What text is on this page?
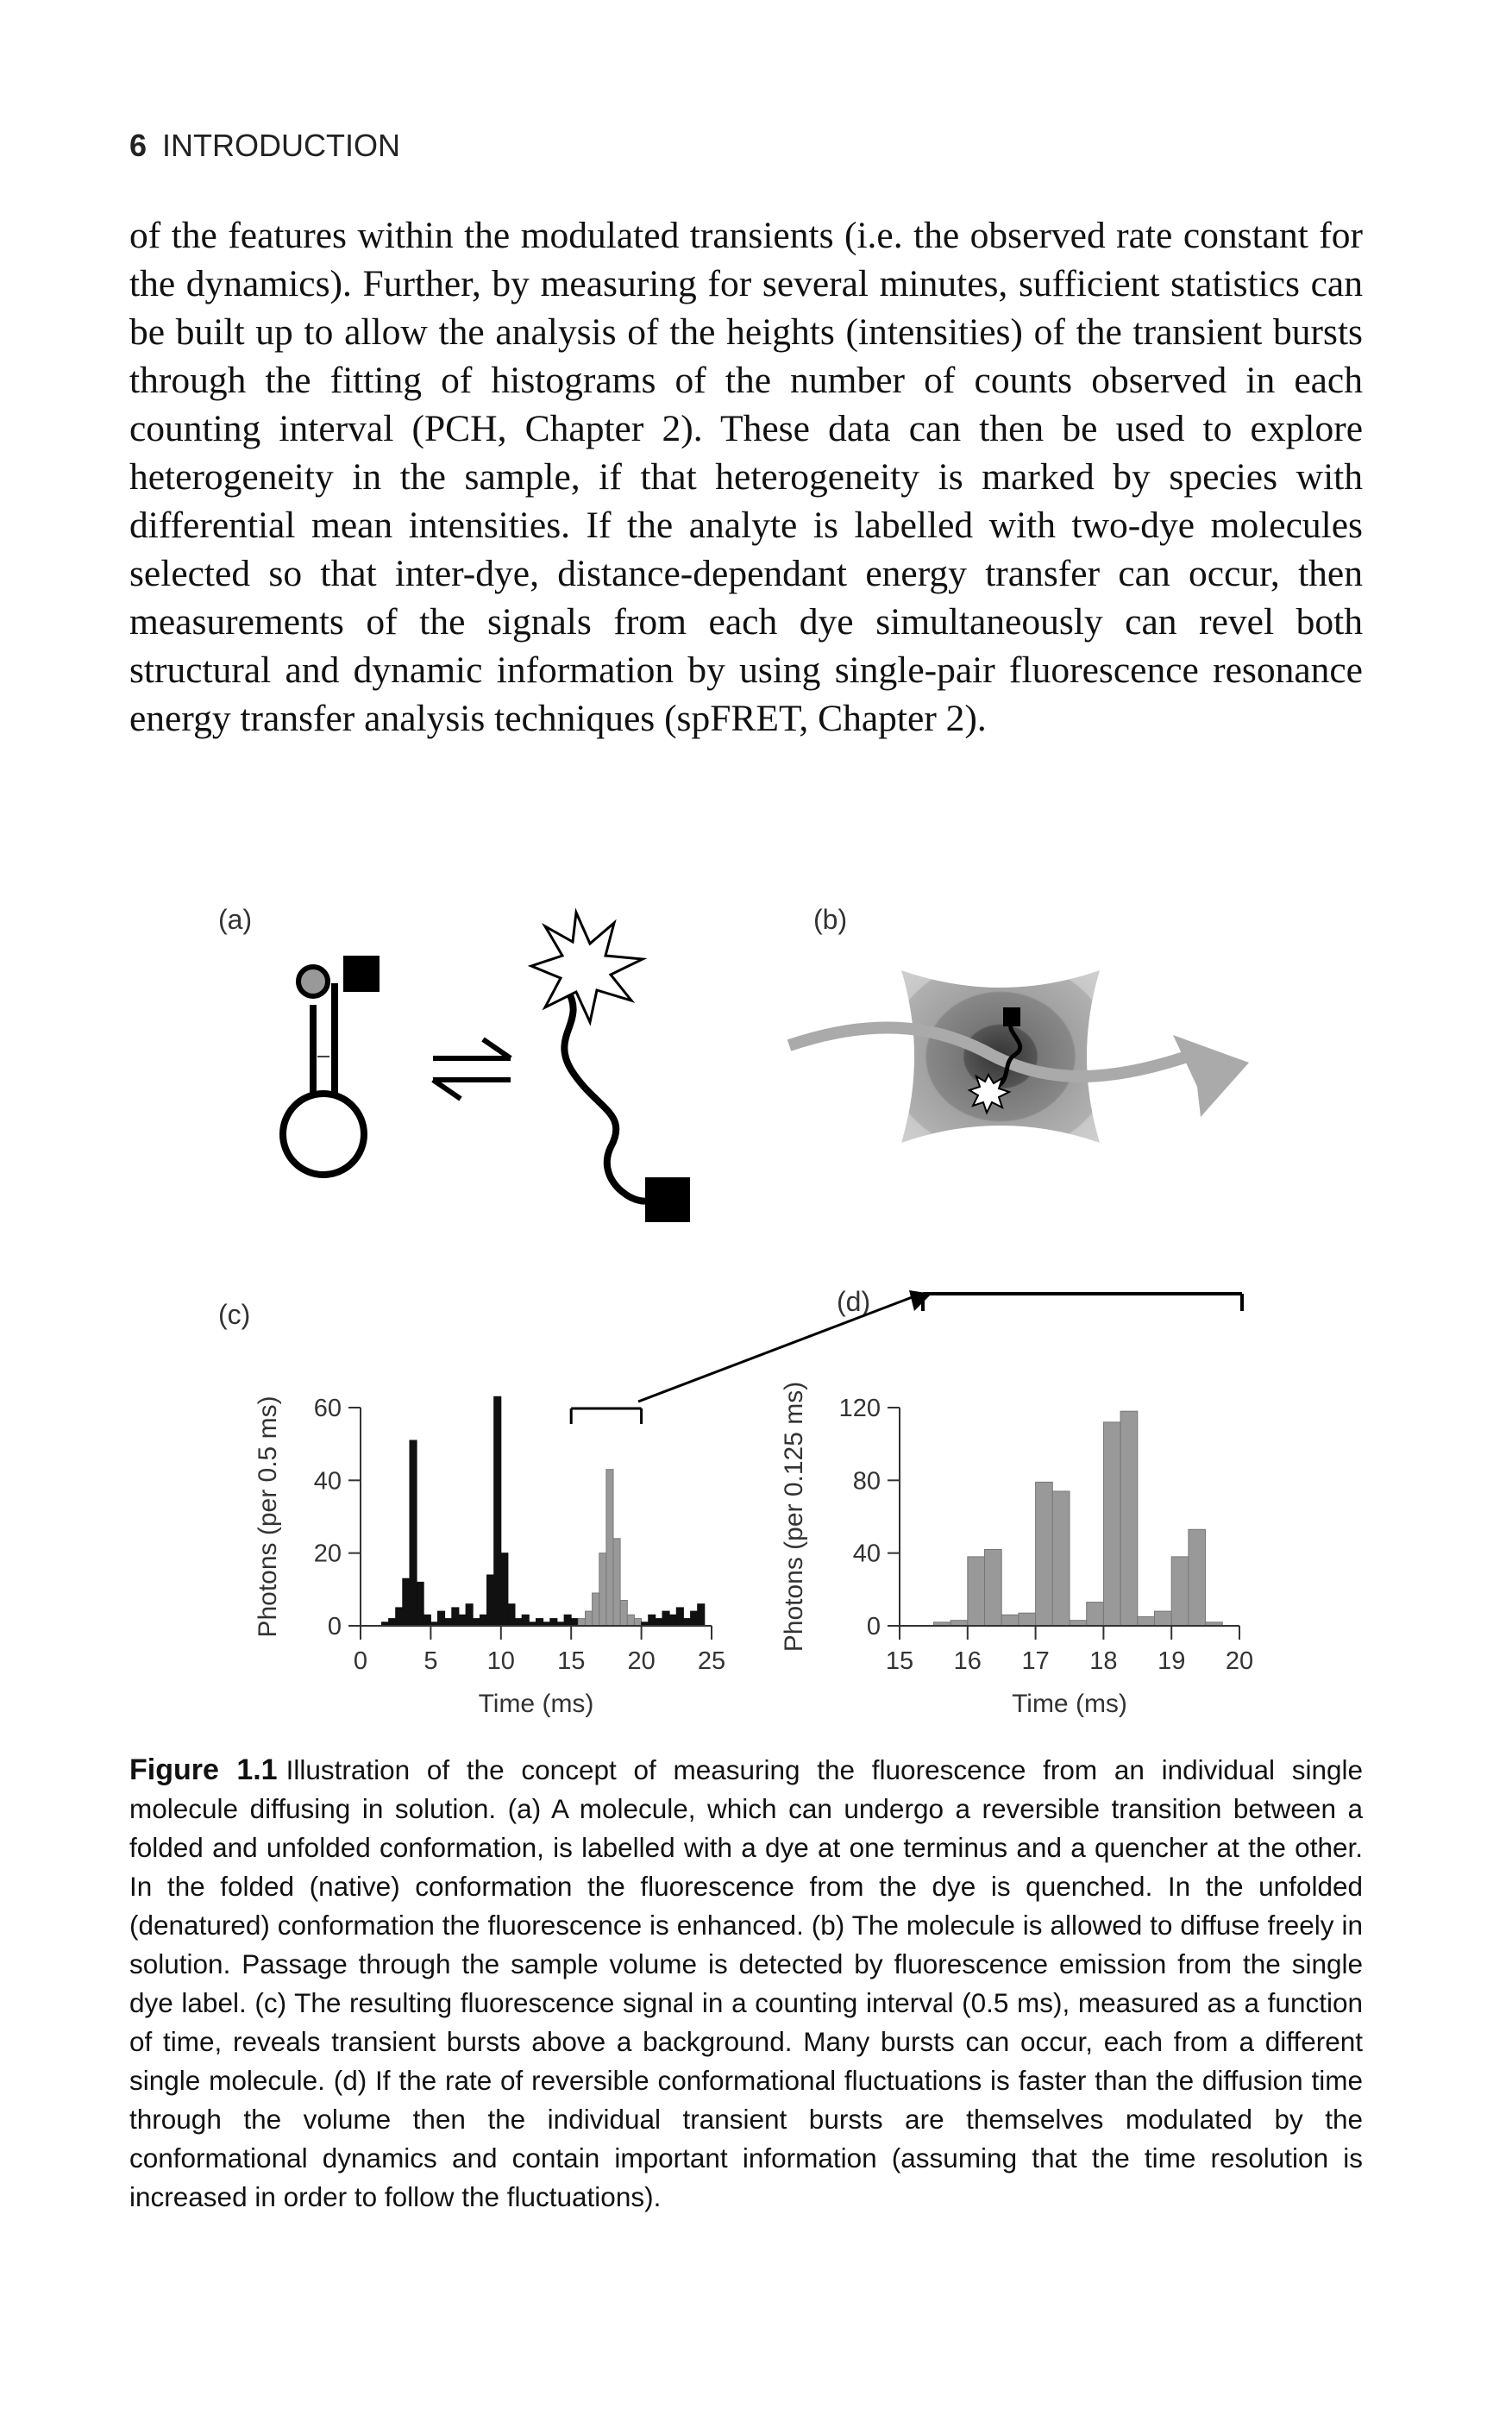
6 INTRODUCTION

of the features within the modulated transients (i.e. the observed rate constant for the dynamics). Further, by measuring for several minutes, sufficient statistics can be built up to allow the analysis of the heights (intensities) of the transient bursts through the fitting of histograms of the number of counts observed in each counting interval (PCH, Chapter 2). These data can then be used to explore heterogeneity in the sample, if that heterogeneity is marked by species with differential mean intensities. If the analyte is labelled with two-dye molecules selected so that inter-dye, distance-dependant energy transfer can occur, then measurements of the signals from each dye simultaneously can revel both structural and dynamic information by using single-pair fluorescence resonance energy transfer analysis techniques (spFRET, Chapter 2).

(a)	(b)
(c)	(d)
0 5 10 15 20 25
0
20
40
60
Photons (per 0.5 ms)
Time (ms)
15 16 17 18 19 20
0
40
80
120
Photons (per 0.125 ms)
Time (ms)
Figure 1.1 Illustration of the concept of measuring the fluorescence from an individual single molecule diffusing in solution. (a) A molecule, which can undergo a reversible transition between a folded and unfolded conformation, is labelled with a dye at one terminus and a quencher at the other. In the folded (native) conformation the fluorescence from the dye is quenched. In the unfolded (denatured) conformation the fluorescence is enhanced. (b) The molecule is allowed to diffuse freely in solution. Passage through the sample volume is detected by fluorescence emission from the single dye label. (c) The resulting fluorescence signal in a counting interval (0.5 ms), measured as a function of time, reveals transient bursts above a background. Many bursts can occur, each from a different single molecule. (d) If the rate of reversible conformational fluctuations is faster than the diffusion time through the volume then the individual transient bursts are themselves modulated by the conformational dynamics and contain important information (assuming that the time resolution is increased in order to follow the fluctuations).
